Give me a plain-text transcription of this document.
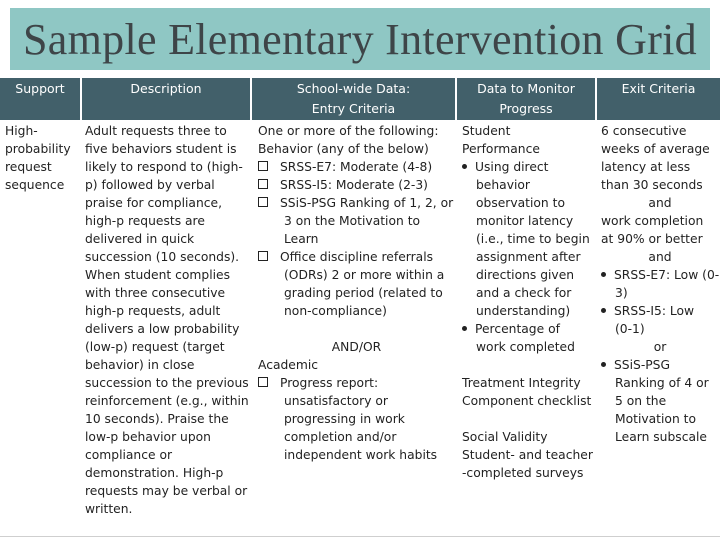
Sample Elementary Intervention Grid
Support	Description	School-wide Data:
Entry Criteria
Data to Monitor
Progress
Exit Criteria
High-
probability
request
sequence
Adult requests three to
five behaviors student is
likely to respond to (high-
p) followed by verbal
praise for compliance,
high-p requests are
delivered in quick
succession (10 seconds).
When student complies
with three consecutive
high-p requests, adult
delivers a low probability
(low-p) request (target
behavior) in close
succession to the previous
reinforcement (e.g., within
10 seconds). Praise the
low-p behavior upon
compliance or
demonstration. High-p
requests may be verbal or
written.
One or more of the following:
Behavior (any of the below)
SRSS-E7: Moderate (4-8)
SRSS-I5: Moderate (2-3)
SSiS-PSG Ranking of 1, 2, or
3 on the Motivation to
Learn
Office discipline referrals
(ODRs) 2 or more within a
grading period (related to
non-compliance)
AND/OR
Academic
Progress report:
unsatisfactory or
progressing in work
completion and/or
independent work habits
Student
Performance
Using direct
behavior
observation to
monitor latency
(i.e., time to begin
assignment after
directions given
and a check for
understanding)
Percentage of
work completed
Treatment Integrity
Component checklist
Social Validity
Student- and teacher
-completed surveys
6 consecutive
weeks of average
latency at less
than 30 seconds
and
work completion
at 90% or better
and
SRSS-E7: Low (0-
3)
SRSS-I5: Low
(0-1)
or
SSiS-PSG
Ranking of 4 or
5 on the
Motivation to
Learn subscale
